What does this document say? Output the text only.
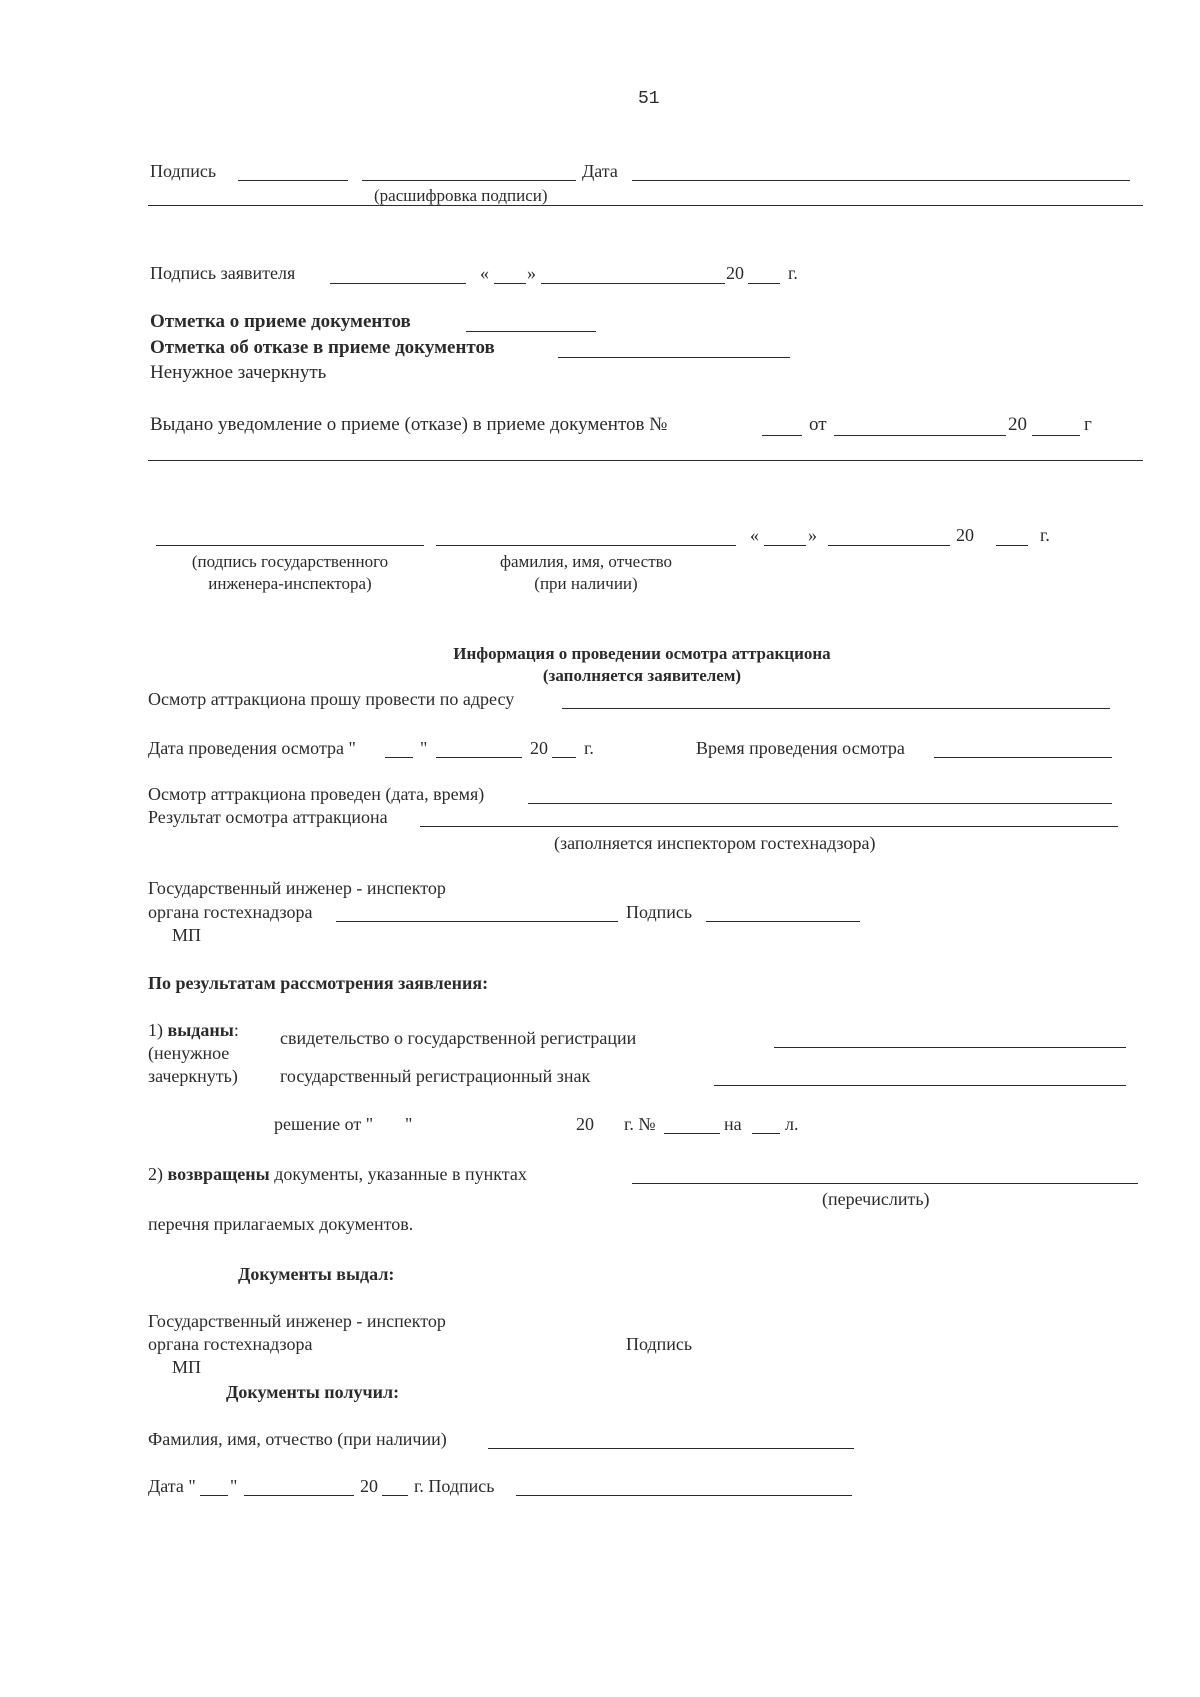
51
Подпись	Дата
(расшифровка подписи)
Подпись заявителя	« »	20 г.
Отметка о приеме документов
Отметка об отказе в приеме документов
Ненужное зачеркнуть
Выдано уведомление о приеме (отказе) в приеме документов №	от	20	г
«	»	20	г.
(подпись государственного
инженера-инспектора)
фамилия, имя, отчество
(при наличии)
Информация о проведении осмотра аттракциона
(заполняется заявителем)
Осмотр аттракциона прошу провести по адресу
Дата проведения осмотра "	"	20 г.	Время проведения осмотра
Осмотр аттракциона проведен (дата, время)
Результат осмотра аттракциона
(заполняется инспектором гостехнадзора)
Государственный инженер - инспектор
органа гостехнадзора	Подпись
МП
По результатам рассмотрения заявления:
1) выданы:
(ненужное
зачеркнуть)
свидетельство о государственной регистрации
государственный регистрационный знак
решение от " "	20 г. №	на л.
2) возвращены документы, указанные в пунктах
(перечислить)
перечня прилагаемых документов.
Документы выдал:
Государственный инженер - инспектор
органа гостехнадзора	Подпись
МП
Документы получил:
Фамилия, имя, отчество (при наличии)
Дата " "	20 г. Подпись
